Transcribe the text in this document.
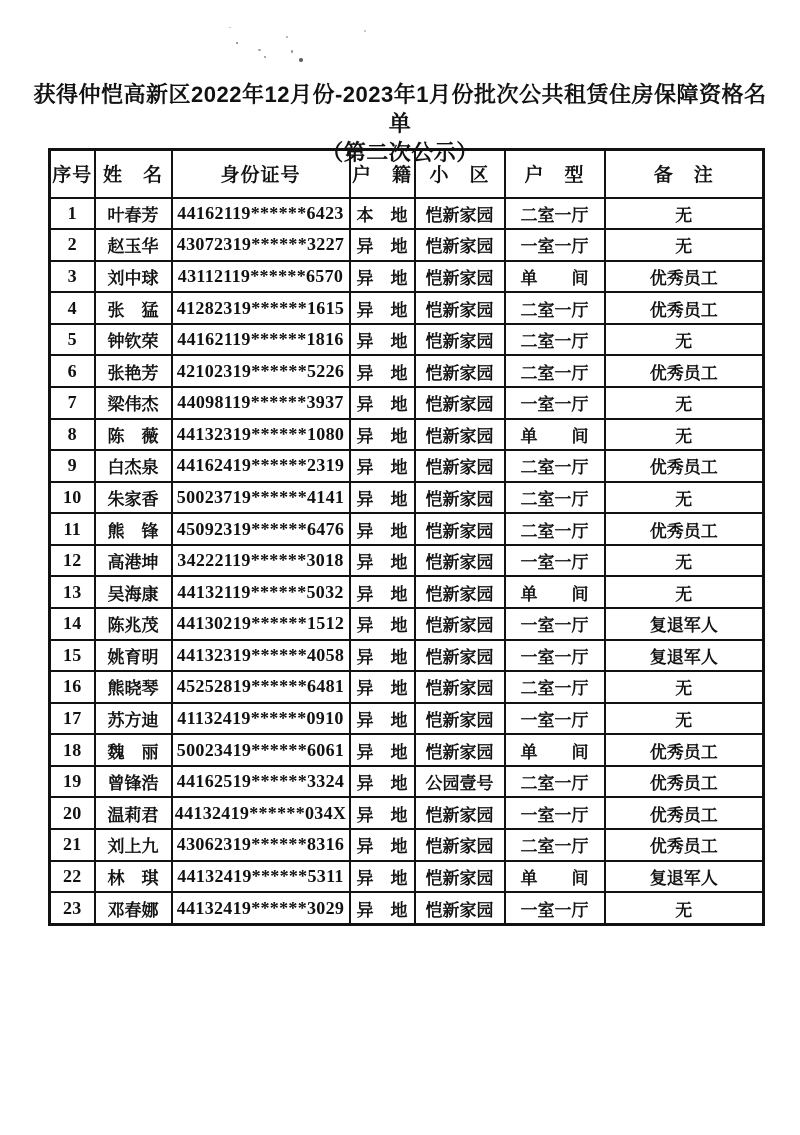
获得仲恺高新区2022年12月份-2023年1月份批次公共租赁住房保障资格名单
（第二次公示）
序号	姓　名	身份证号	户　籍	小　区	户　型	备　注
1	叶春芳	44162119******6423	本　地	恺新家园	二室一厅	无
2	赵玉华	43072319******3227	异　地	恺新家园	一室一厅	无
3	刘中球	43112119******6570	异　地	恺新家园	单　　间	优秀员工
4	张　猛	41282319******1615	异　地	恺新家园	二室一厅	优秀员工
5	钟钦荣	44162119******1816	异　地	恺新家园	二室一厅	无
6	张艳芳	42102319******5226	异　地	恺新家园	二室一厅	优秀员工
7	梁伟杰	44098119******3937	异　地	恺新家园	一室一厅	无
8	陈　薇	44132319******1080	异　地	恺新家园	单　　间	无
9	白杰泉	44162419******2319	异　地	恺新家园	二室一厅	优秀员工
10	朱家香	50023719******4141	异　地	恺新家园	二室一厅	无
11	熊　锋	45092319******6476	异　地	恺新家园	二室一厅	优秀员工
12	高港坤	34222119******3018	异　地	恺新家园	一室一厅	无
13	吴海康	44132119******5032	异　地	恺新家园	单　　间	无
14	陈兆茂	44130219******1512	异　地	恺新家园	一室一厅	复退军人
15	姚育明	44132319******4058	异　地	恺新家园	一室一厅	复退军人
16	熊晓琴	45252819******6481	异　地	恺新家园	二室一厅	无
17	苏方迪	41132419******0910	异　地	恺新家园	一室一厅	无
18	魏　丽	50023419******6061	异　地	恺新家园	单　　间	优秀员工
19	曾锋浩	44162519******3324	异　地	公园壹号	二室一厅	优秀员工
20	温莉君	44132419******034X	异　地	恺新家园	一室一厅	优秀员工
21	刘上九	43062319******8316	异　地	恺新家园	二室一厅	优秀员工
22	林　琪	44132419******5311	异　地	恺新家园	单　　间	复退军人
23	邓春娜	44132419******3029	异　地	恺新家园	一室一厅	无
